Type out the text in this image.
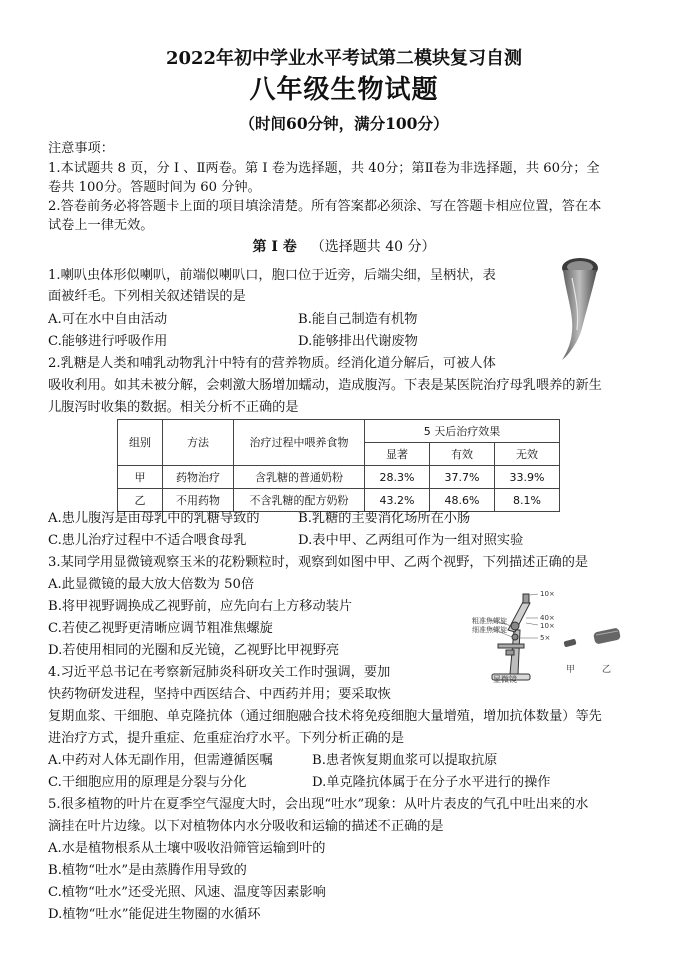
2022年初中学业水平考试第二模块复习自测
八年级生物试题
（时间60分钟，满分100分）
注意事项：
1.本试题共 8 页，分 Ⅰ 、Ⅱ两卷。第 Ⅰ 卷为选择题，共 40分；第Ⅱ卷为非选择题，共 60分；全
卷共 100分。答题时间为 60 分钟。
2.答卷前务必将答题卡上面的项目填涂清楚。所有答案都必须涂、写在答题卡相应位置，答在本
试卷上一律无效。
第 Ⅰ 卷 （选择题共 40 分）
1.喇叭虫体形似喇叭，前端似喇叭口，胞口位于近旁，后端尖细，呈柄状，表
面被纤毛。下列相关叙述错误的是
A.可在水中自由活动	B.能自己制造有机物
C.能够进行呼吸作用	D.能够排出代谢废物
2.乳糖是人类和哺乳动物乳汁中特有的营养物质。经消化道分解后，可被人体
吸收利用。如其未被分解，会刺激大肠增加蠕动，造成腹泻。下表是某医院治疗母乳喂养的新生
儿腹泻时收集的数据。相关分析不正确的是
组别	方法	治疗过程中喂养食物	5 天后治疗效果		
			显著	有效	无效
甲	药物治疗	含乳糖的普通奶粉	28.3%	37.7%	33.9%
乙	不用药物	不含乳糖的配方奶粉	43.2%	48.6%	8.1%
A.患儿腹泻是由母乳中的乳糖导致的	B.乳糖的主要消化场所在小肠
C.患儿治疗过程中不适合喂食母乳	D.表中甲、乙两组可作为一组对照实验
3.某同学用显微镜观察玉米的花粉颗粒时，观察到如图中甲、乙两个视野，下列描述正确的是
A.此显微镜的最大放大倍数为 50倍
B.将甲视野调换成乙视野前，应先向右上方移动装片
C.若使乙视野更清晰应调节粗准焦螺旋
D.若使用相同的光圈和反光镜，乙视野比甲视野亮
粗准焦螺旋
细准焦螺旋
10×
40×
10×
5×
显微镜
甲	乙
4.习近平总书记在考察新冠肺炎科研攻关工作时强调，要加
快药物研发进程，坚持中西医结合、中西药并用；要采取恢
复期血浆、干细胞、单克隆抗体（通过细胞融合技术将免疫细胞大量增殖，增加抗体数量）等先
进治疗方式，提升重症、危重症治疗水平。下列分析正确的是
A.中药对人体无副作用，但需遵循医嘱	B.患者恢复期血浆可以提取抗原
C.干细胞应用的原理是分裂与分化	D.单克隆抗体属于在分子水平进行的操作
5.很多植物的叶片在夏季空气湿度大时，会出现“吐水”现象：从叶片表皮的气孔中吐出来的水
滴挂在叶片边缘。以下对植物体内水分吸收和运输的描述不正确的是
A.水是植物根系从土壤中吸收沿筛管运输到叶的
B.植物“吐水”是由蒸腾作用导致的
C.植物“吐水”还受光照、风速、温度等因素影响
D.植物“吐水”能促进生物圈的水循环
